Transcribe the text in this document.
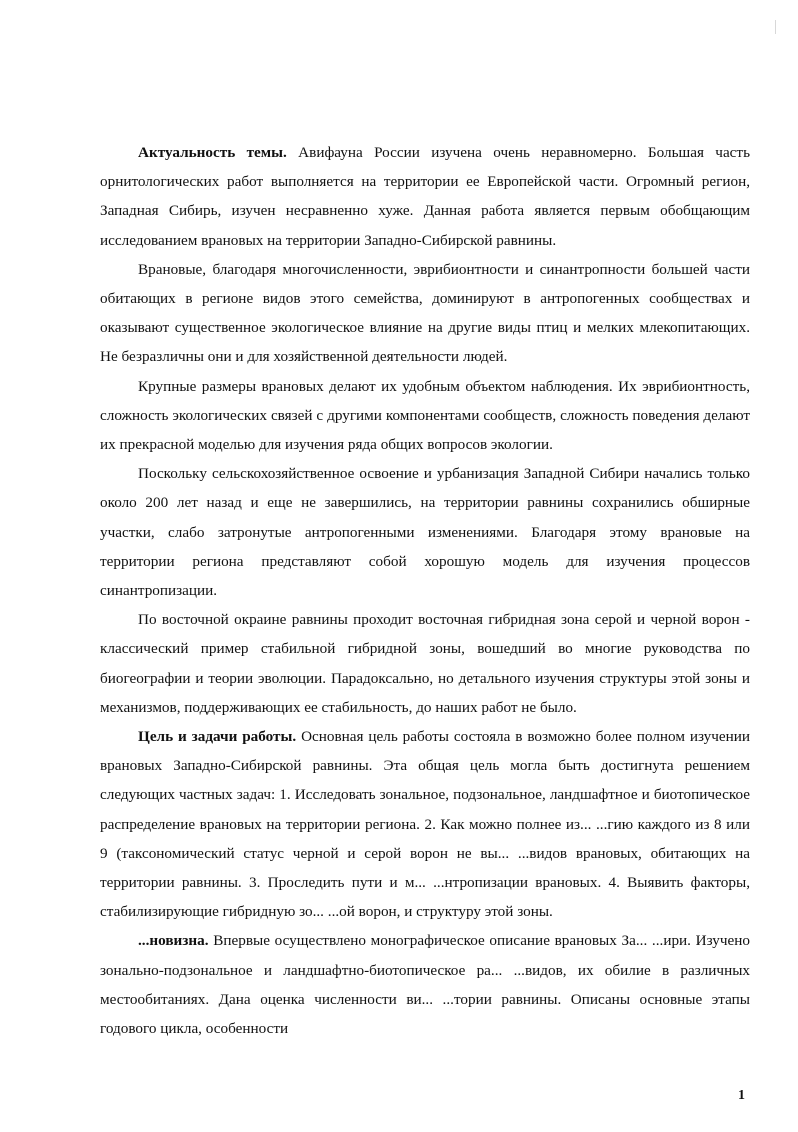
Актуальность темы. Авифауна России изучена очень неравномерно. Большая часть орнитологических работ выполняется на территории ее Европейской части. Огромный регион, Западная Сибирь, изучен несравненно хуже. Данная работа является первым обобщающим исследованием врановых на территории Западно-Сибирской равнины.

Врановые, благодаря многочисленности, эврибионтности и синантропности большей части обитающих в регионе видов этого семейства, доминируют в антропогенных сообществах и оказывают существенное экологическое влияние на другие виды птиц и мелких млекопитающих. Не безразличны они и для хозяйственной деятельности людей.

Крупные размеры врановых делают их удобным объектом наблюдения. Их эврибионтность, сложность экологических связей с другими компонентами сообществ, сложность поведения делают их прекрасной моделью для изучения ряда общих вопросов экологии.

Поскольку сельскохозяйственное освоение и урбанизация Западной Сибири начались только около 200 лет назад и еще не завершились, на территории равнины сохранились обширные участки, слабо затронутые антропогенными изменениями. Благодаря этому врановые на территории региона представляют собой хорошую модель для изучения процессов синантропизации.

По восточной окраине равнины проходит восточная гибридная зона серой и черной ворон - классический пример стабильной гибридной зоны, вошедший во многие руководства по биогеографии и теории эволюции. Парадоксально, но детального изучения структуры этой зоны и механизмов, поддерживающих ее стабильность, до наших работ не было.

Цель и задачи работы. Основная цель работы состояла в возможно более полном изучении врановых Западно-Сибирской равнины. Эта общая цель могла быть достигнута решением следующих частных задач: 1. Исследовать зональное, подзональное, ландшафтное и биотопическое распределение врановых на территории региона. 2. Как можно полнее из... ...гию каждого из 8 или 9 (таксономический статус черной и серой ворон не вы... ...видов врановых, обитающих на территории равнины. 3. Проследить пути и м... ...нтропизации врановых. 4. Выявить факторы, стабилизирующие гибридную зо... ...ой ворон, и структуру этой зоны.

...новизна. Впервые осуществлено монографическое описание врановых За... ...ири. Изучено зонально-подзональное и ландшафтно-биотопическое ра... ...видов, их обилие в различных местообитаниях. Дана оценка численности ви... ...тории равнины. Описаны основные этапы годового цикла, особенности

1
